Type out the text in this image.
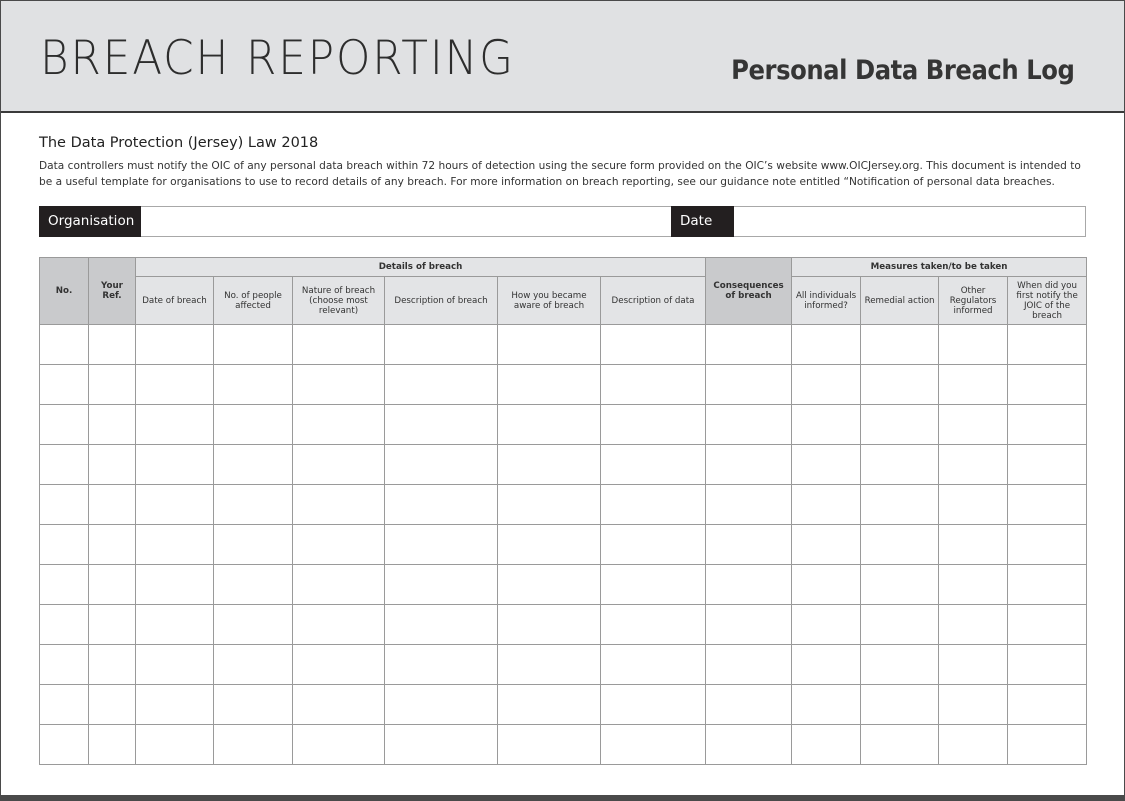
BREACH REPORTING	Personal Data Breach Log
The Data Protection (Jersey) Law 2018
Data controllers must notify the OIC of any personal data breach within 72 hours of detection using the secure form provided on the OIC’s website www.OICJersey.org. This document is intended to be a useful template for organisations to use to record details of any breach. For more information on breach reporting, see our guidance note entitled “Notification of personal data breaches.
Organisation	Date
No.	Your Ref.	Details of breach						Consequences of breach	Measures taken/to be taken			
		Date of breach	No. of people affected	Nature of breach (choose most relevant)	Description of breach	How you became aware of breach	Description of data		All individuals informed?	Remedial action	Other Regulators informed	When did you first notify the JOIC of the breach
